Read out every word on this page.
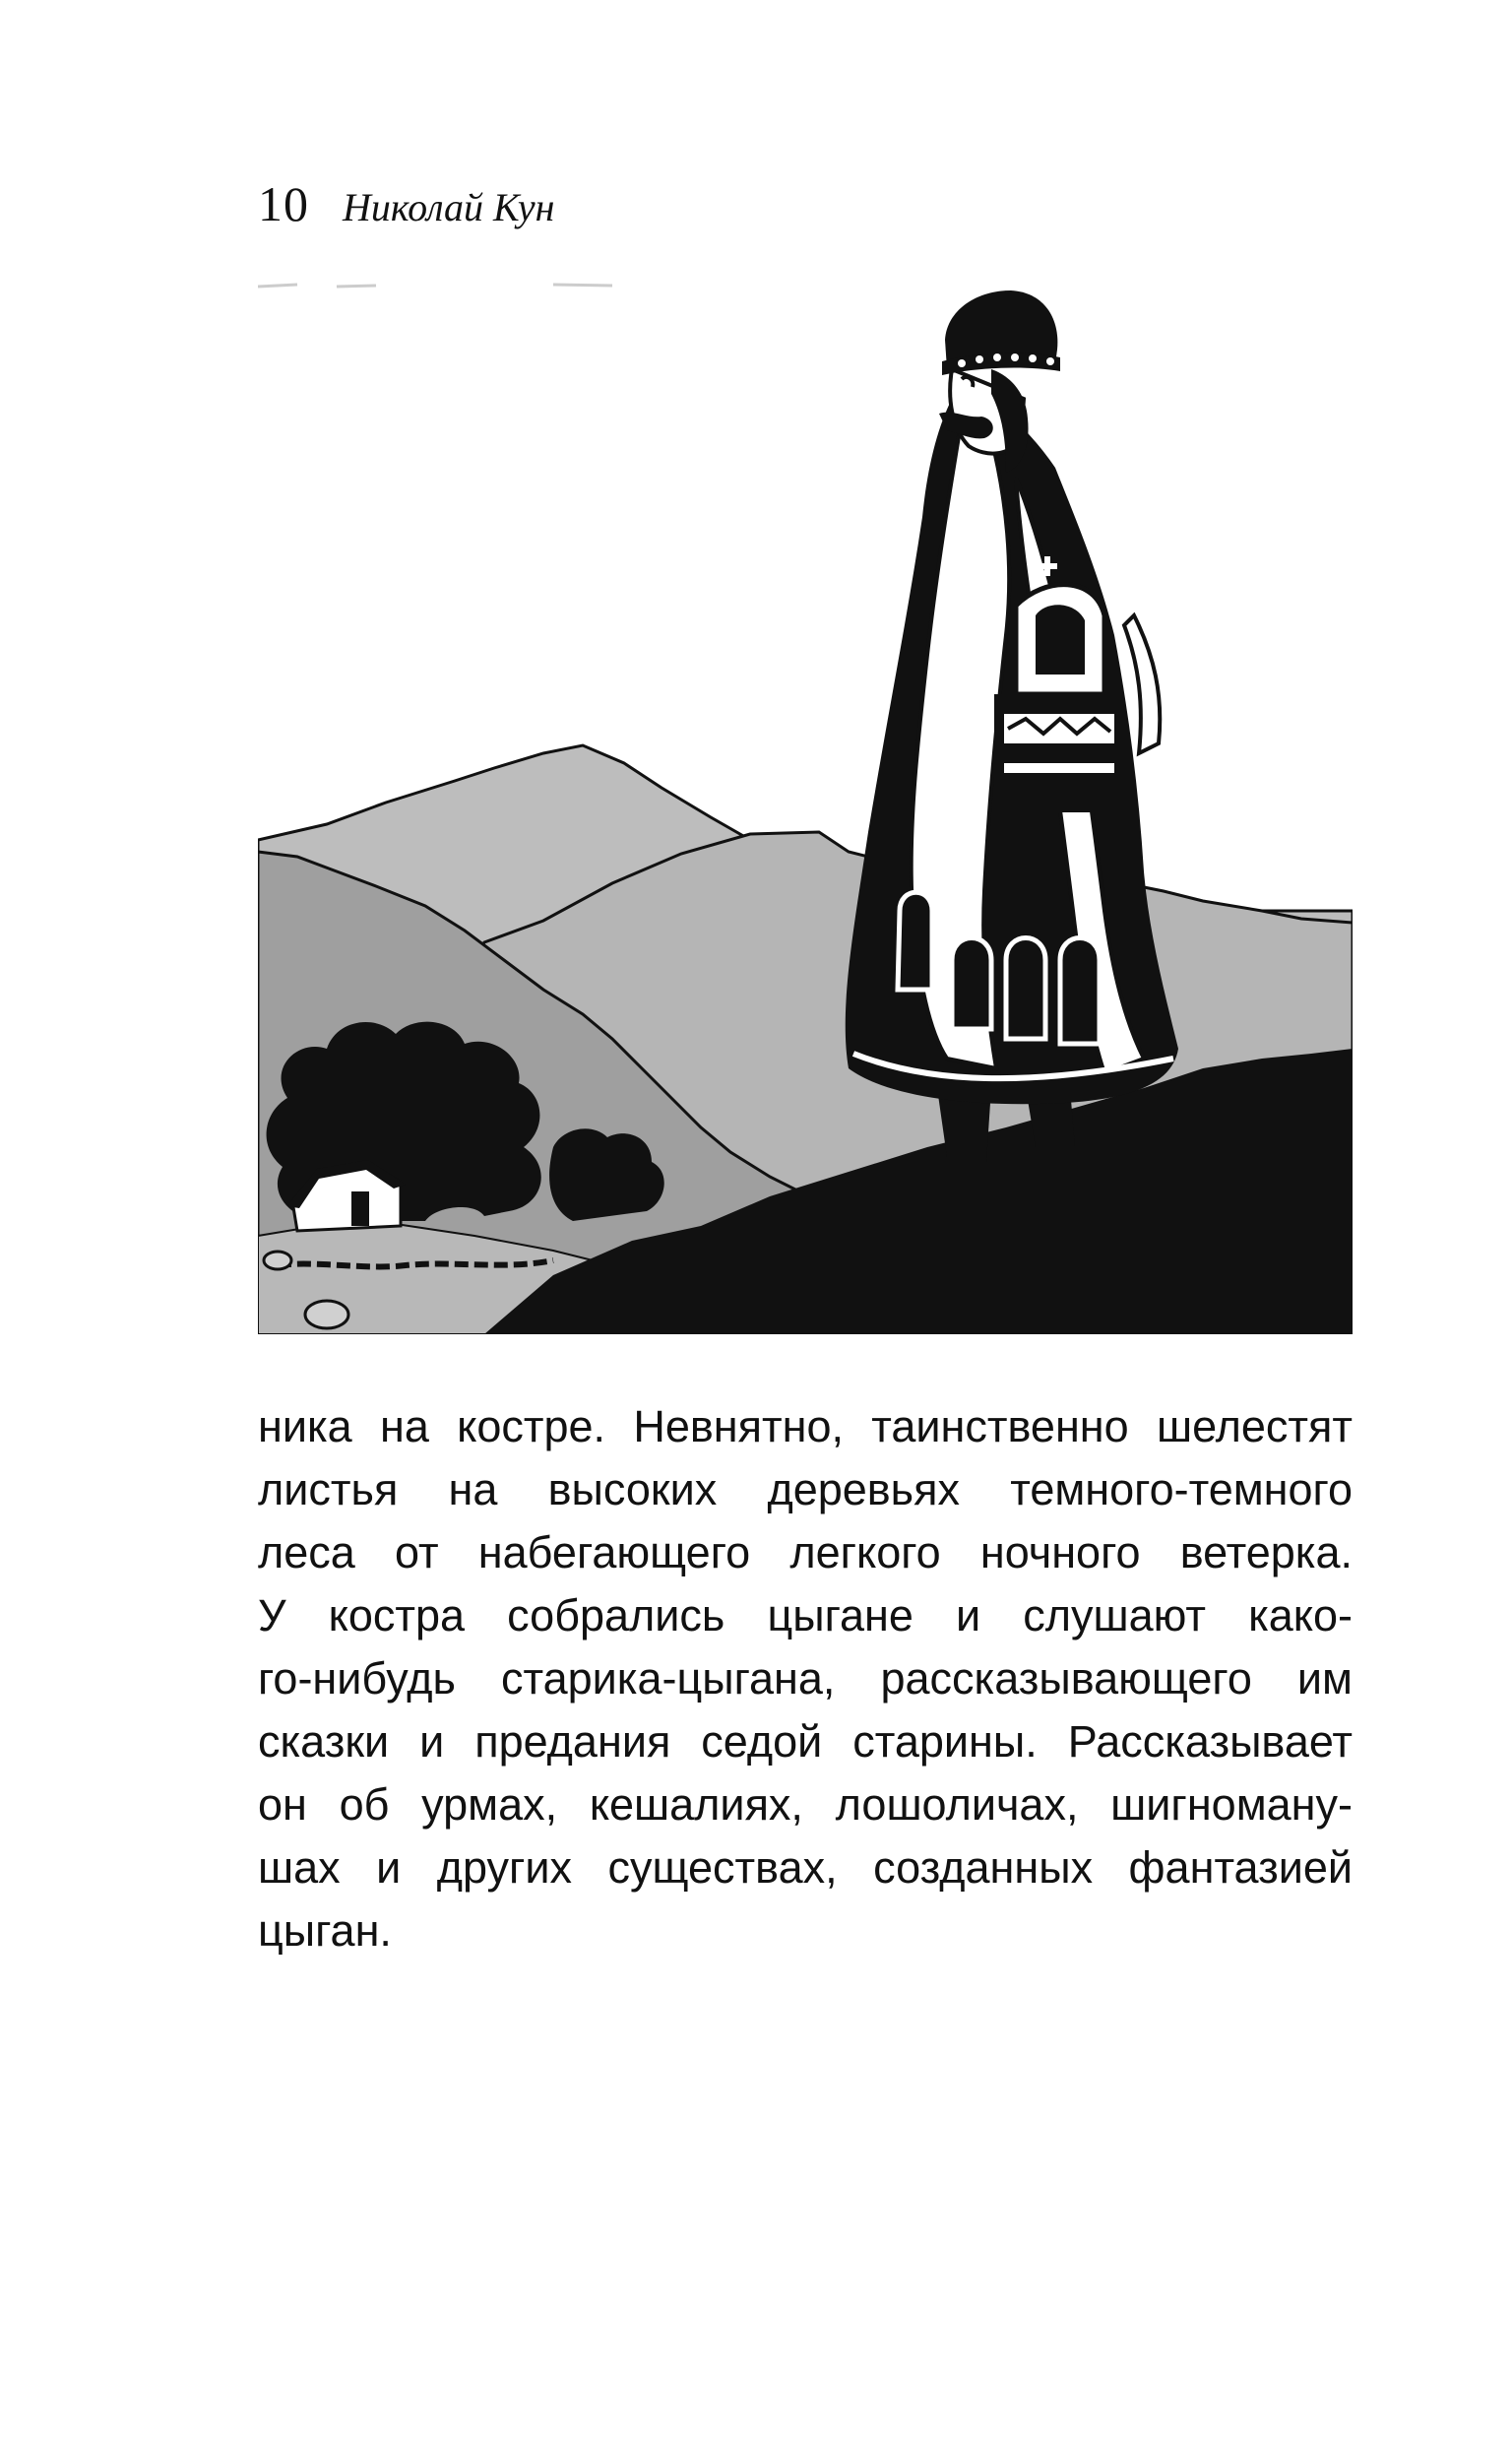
10 Николай Кун
ника на костре. Невнятно, таинственно шелестят
листья на высоких деревьях темного-темного
леса от набегающего легкого ночного ветерка.
У костра собрались цыгане и слушают како-
го-нибудь старика-цыгана, рассказывающего им
сказки и предания седой старины. Рассказывает
он об урмах, кешалиях, лошоличах, шигноману-
шах и других существах, созданных фантазией
цыган.
